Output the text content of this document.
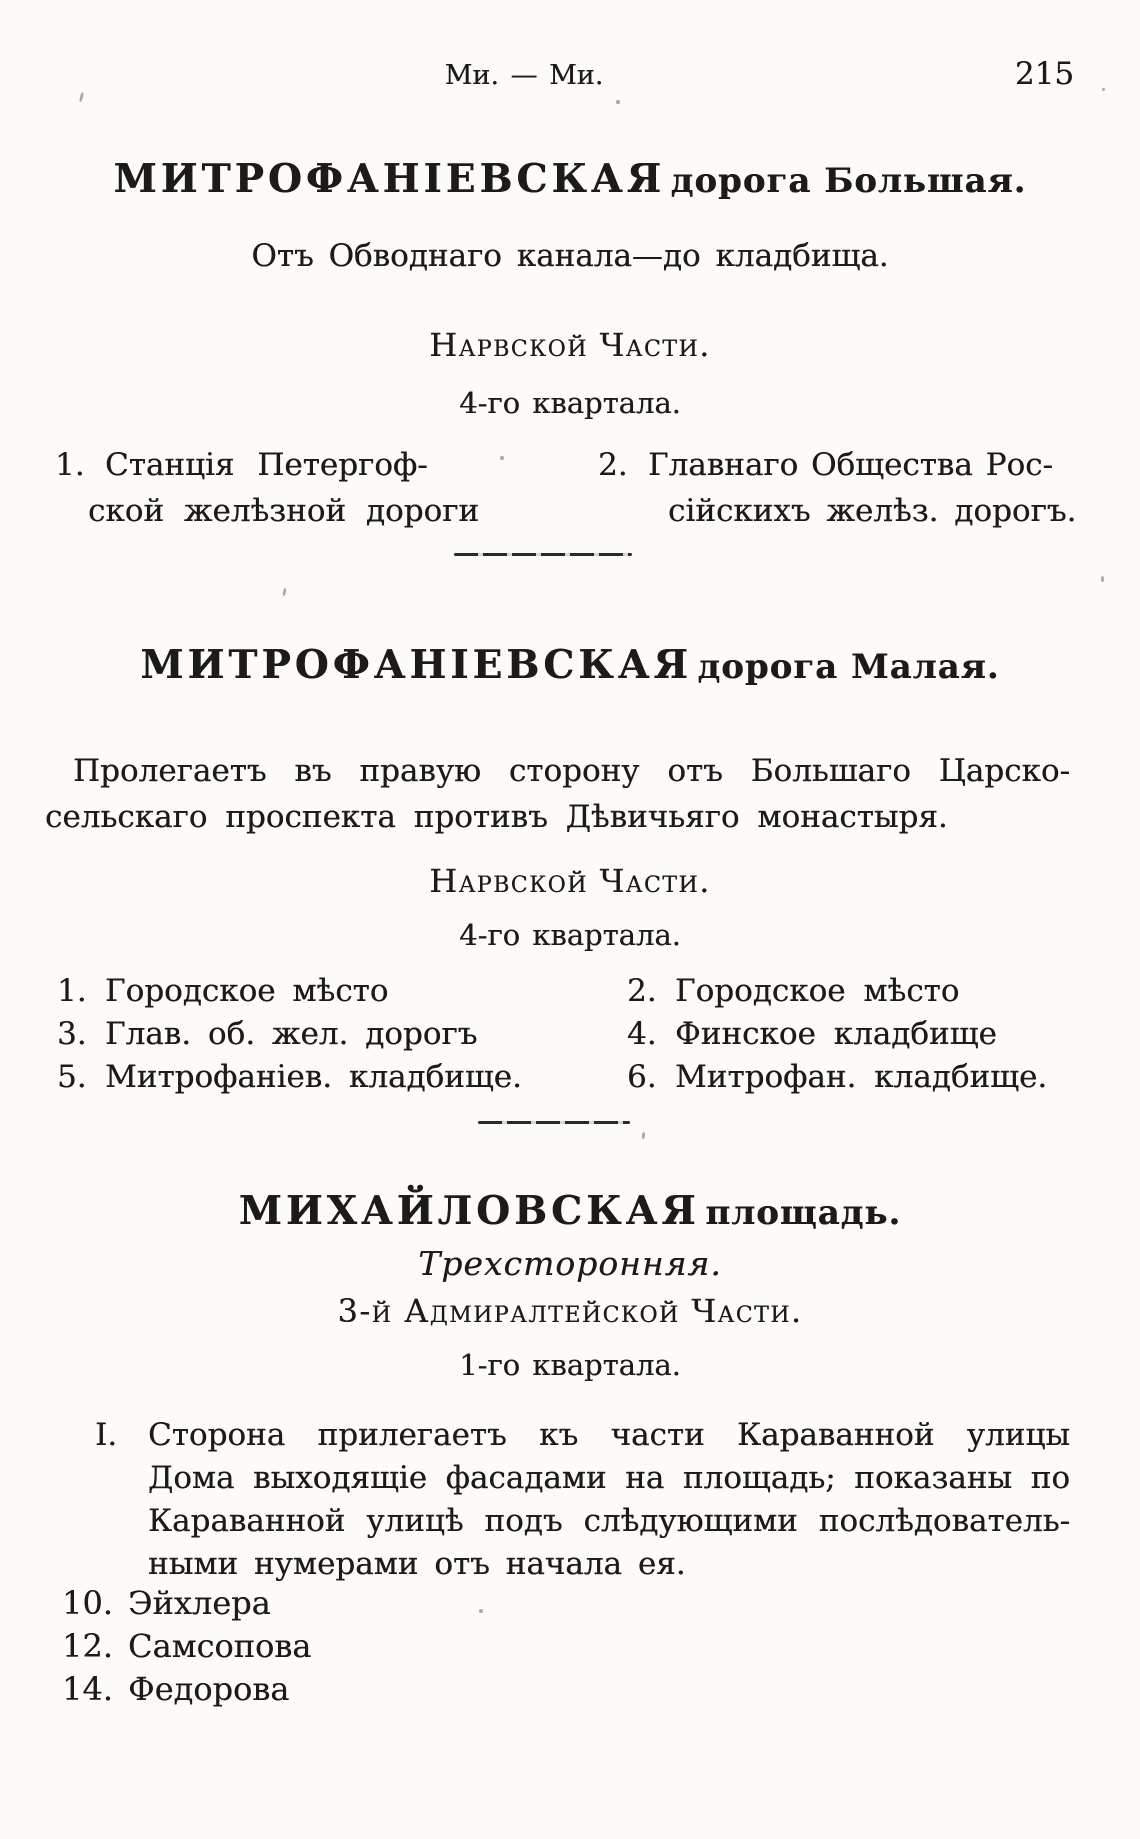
Ми. — Ми.	215
МИТРОФАНІЕВСКАЯ дорога Большая.
Отъ Обводнаго канала—до кладбища.
Нарвской Части.
4-го квартала.
1. Станція Петергоф-
ской желѣзной дороги
2. Главнаго Общества Рос-
сійскихъ желѣз. дорогъ.
МИТРОФАНІЕВСКАЯ дорога Малая.
Пролегаетъ въ правую сторону отъ Большаго Царско-
сельскаго проспекта противъ Дѣвичьяго монастыря.
Нарвской Части.
4-го квартала.
1. Городское мѣсто	2. Городское мѣсто
3. Глав. об. жел. дорогъ	4. Финское кладбище
5. Митрофаніев. кладбище.	6. Митрофан. кладбище.
МИХАЙЛОВСКАЯ площадь.
Трехсторонняя.
3-й Адмиралтейской Части.
1-го квартала.
I. Сторона прилегаетъ къ части Караванной улицы
Дома выходящіе фасадами на площадь; показаны по
Караванной улицѣ подъ слѣдующими послѣдователь-
ными нумерами отъ начала ея.
10. Эйхлера
12. Самсопова
14. Федорова
